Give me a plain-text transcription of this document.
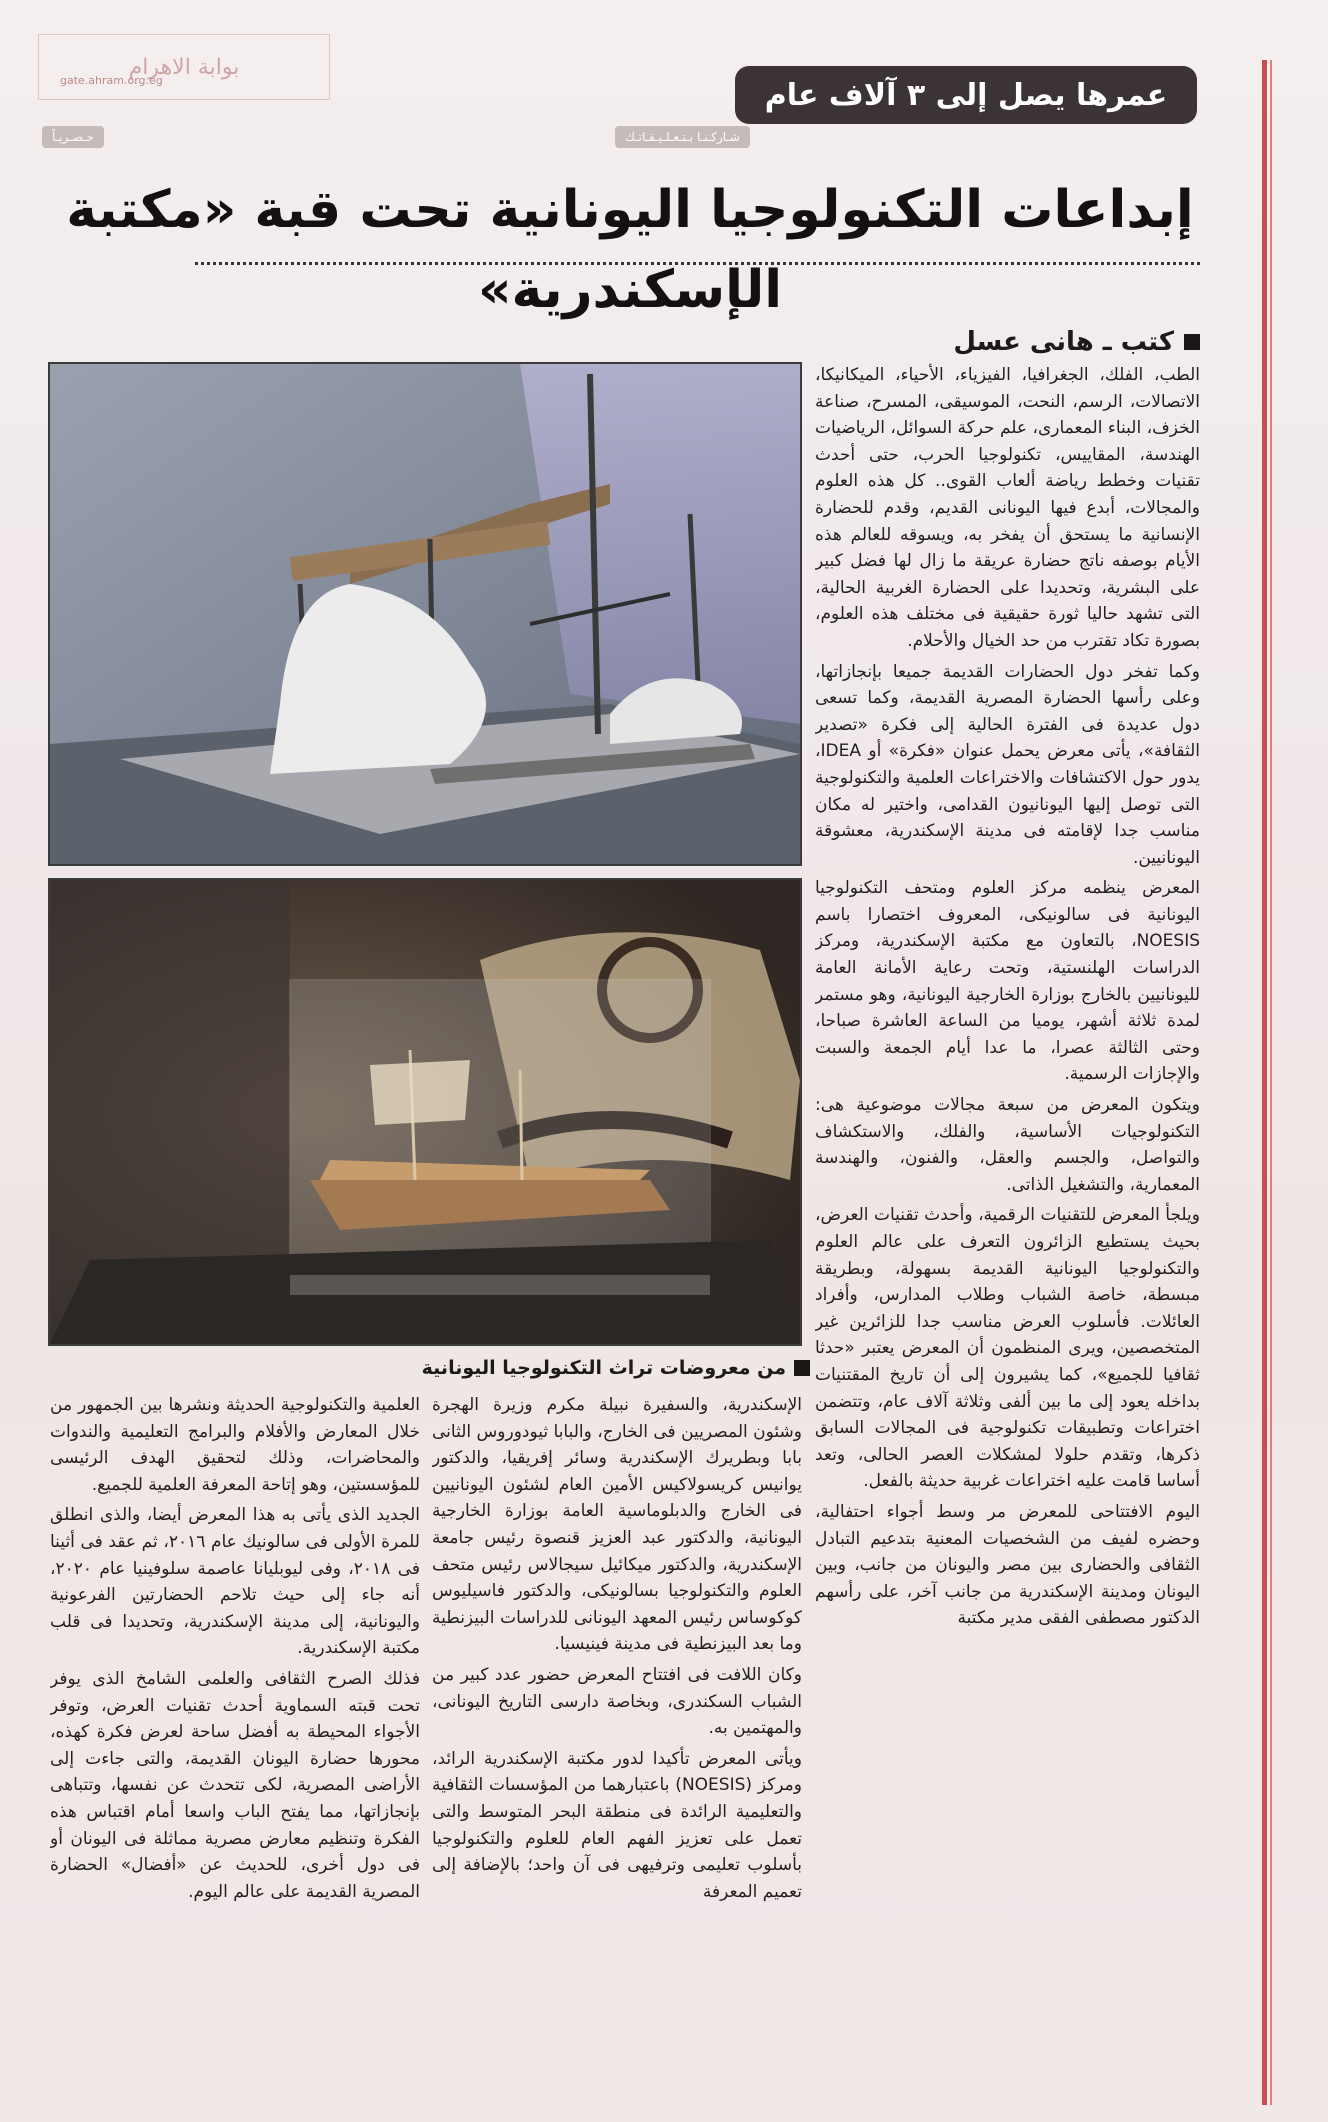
بوابة الاهرام
gate.ahram.org.eg

حـصـريـاً	شـاركـنـا بـتـعـلـيـقـاتـك
عمرها يصل إلى ٣ آلاف عام
إبداعات التكنولوجيا اليونانية تحت قبة «مكتبة الإسكندرية»
كتب ـ هانى عسل
من معروضات تراث التكنولوجيا اليونانية

الطب، الفلك، الجغرافيا، الفيزياء، الأحياء، الميكانيكا، الاتصالات، الرسم، النحت، الموسيقى، المسرح، صناعة الخزف، البناء المعمارى، علم حركة السوائل، الرياضيات الهندسة، المقاييس، تكنولوجيا الحرب، حتى أحدث تقنيات وخطط رياضة ألعاب القوى.. كل هذه العلوم والمجالات، أبدع فيها اليونانى القديم، وقدم للحضارة الإنسانية ما يستحق أن يفخر به، ويسوقه للعالم هذه الأيام بوصفه ناتج حضارة عريقة ما زال لها فضل كبير على البشرية، وتحديدا على الحضارة الغربية الحالية، التى تشهد حاليا ثورة حقيقية فى مختلف هذه العلوم، بصورة تكاد تقترب من حد الخيال والأحلام.

وكما تفخر دول الحضارات القديمة جميعا بإنجازاتها، وعلى رأسها الحضارة المصرية القديمة، وكما تسعى دول عديدة فى الفترة الحالية إلى فكرة «تصدير الثقافة»، يأتى معرض يحمل عنوان «فكرة» أو IDEA، يدور حول الاكتشافات والاختراعات العلمية والتكنولوجية التى توصل إليها اليونانيون القدامى، واختير له مكان مناسب جدا لإقامته فى مدينة الإسكندرية، معشوقة اليونانيين.

المعرض ينظمه مركز العلوم ومتحف التكنولوجيا اليونانية فى سالونيكى، المعروف اختصارا باسم NOESIS، بالتعاون مع مكتبة الإسكندرية، ومركز الدراسات الهلنستية، وتحت رعاية الأمانة العامة لليونانيين بالخارج بوزارة الخارجية اليونانية، وهو مستمر لمدة ثلاثة أشهر، يوميا من الساعة العاشرة صباحا، وحتى الثالثة عصرا، ما عدا أيام الجمعة والسبت والإجازات الرسمية.

ويتكون المعرض من سبعة مجالات موضوعية هى: التكنولوجيات الأساسية، والفلك، والاستكشاف والتواصل، والجسم والعقل، والفنون، والهندسة المعمارية، والتشغيل الذاتى.

ويلجأ المعرض للتقنيات الرقمية، وأحدث تقنيات العرض، بحيث يستطيع الزائرون التعرف على عالم العلوم والتكنولوجيا اليونانية القديمة بسهولة، وبطريقة مبسطة، خاصة الشباب وطلاب المدارس، وأفراد العائلات. فأسلوب العرض مناسب جدا للزائرين غير المتخصصين، ويرى المنظمون أن المعرض يعتبر «حدثا ثقافيا للجميع»، كما يشيرون إلى أن تاريخ المقتنيات بداخله يعود إلى ما بين ألفى وثلاثة آلاف عام، وتتضمن اختراعات وتطبيقات تكنولوجية فى المجالات السابق ذكرها، وتقدم حلولا لمشكلات العصر الحالى، وتعد أساسا قامت عليه اختراعات غربية حديثة بالفعل.

اليوم الافتتاحى للمعرض مر وسط أجواء احتفالية، وحضره لفيف من الشخصيات المعنية بتدعيم التبادل الثقافى والحضارى بين مصر واليونان من جانب، وبين اليونان ومدينة الإسكندرية من جانب آخر، على رأسهم الدكتور مصطفى الفقى مدير مكتبة

الإسكندرية، والسفيرة نبيلة مكرم وزيرة الهجرة وشئون المصريين فى الخارج، والبابا ثيودوروس الثانى بابا وبطريرك الإسكندرية وسائر إفريقيا، والدكتور يوانيس كريسولاكيس الأمين العام لشئون اليونانيين فى الخارج والدبلوماسية العامة بوزارة الخارجية اليونانية، والدكتور عبد العزيز قنصوة رئيس جامعة الإسكندرية، والدكتور ميكائيل سيجالاس رئيس متحف العلوم والتكنولوجيا بسالونيكى، والدكتور فاسيليوس كوكوساس رئيس المعهد اليونانى للدراسات البيزنطية وما بعد البيزنطية فى مدينة فينيسيا.

وكان اللافت فى افتتاح المعرض حضور عدد كبير من الشباب السكندرى، وبخاصة دارسى التاريخ اليونانى، والمهتمين به.

ويأتى المعرض تأكيدا لدور مكتبة الإسكندرية الرائد، ومركز (NOESIS) باعتبارهما من المؤسسات الثقافية والتعليمية الرائدة فى منطقة البحر المتوسط والتى تعمل على تعزيز الفهم العام للعلوم والتكنولوجيا بأسلوب تعليمى وترفيهى فى آن واحد؛ بالإضافة إلى تعميم المعرفة

العلمية والتكنولوجية الحديثة ونشرها بين الجمهور من خلال المعارض والأفلام والبرامج التعليمية والندوات والمحاضرات، وذلك لتحقيق الهدف الرئيسى للمؤسستين، وهو إتاحة المعرفة العلمية للجميع.

الجديد الذى يأتى به هذا المعرض أيضا، والذى انطلق للمرة الأولى فى سالونيك عام ٢٠١٦، ثم عقد فى أثينا فى ٢٠١٨، وفى ليوبليانا عاصمة سلوفينيا عام ٢٠٢٠، أنه جاء إلى حيث تلاحم الحضارتين الفرعونية واليونانية، إلى مدينة الإسكندرية، وتحديدا فى قلب مكتبة الإسكندرية.

فذلك الصرح الثقافى والعلمى الشامخ الذى يوفر تحت قبته السماوية أحدث تقنيات العرض، وتوفر الأجواء المحيطة به أفضل ساحة لعرض فكرة كهذه، محورها حضارة اليونان القديمة، والتى جاءت إلى الأراضى المصرية، لكى تتحدث عن نفسها، وتتباهى بإنجازاتها، مما يفتح الباب واسعا أمام اقتباس هذه الفكرة وتنظيم معارض مصرية مماثلة فى اليونان أو فى دول أخرى، للحديث عن «أفضال» الحضارة المصرية القديمة على عالم اليوم.
